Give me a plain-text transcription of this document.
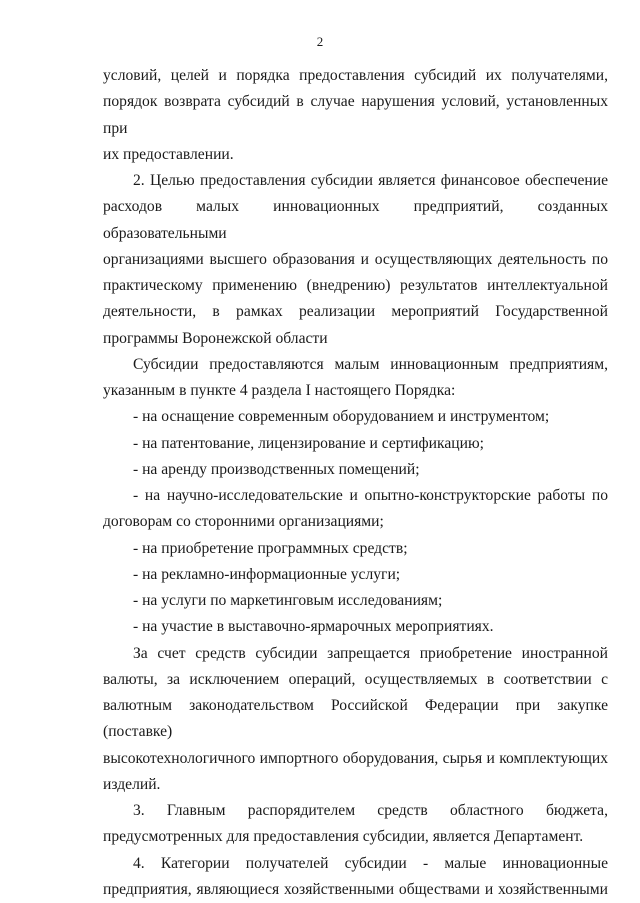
2

условий, целей и порядка предоставления субсидий их получателями,
порядок возврата субсидий в случае нарушения условий, установленных при
их предоставлении.

2. Целью предоставления субсидии является финансовое обеспечение
расходов малых инновационных предприятий, созданных образовательными
организациями высшего образования и осуществляющих деятельность по
практическому применению (внедрению) результатов интеллектуальной
деятельности, в рамках реализации мероприятий Государственной
программы Воронежской области

Субсидии предоставляются малым инновационным предприятиям,
указанным в пункте 4 раздела I настоящего Порядка:

- на оснащение современным оборудованием и инструментом;

- на патентование, лицензирование и сертификацию;

- на аренду производственных помещений;

- на научно-исследовательские и опытно-конструкторские работы по
договорам со сторонними организациями;

- на приобретение программных средств;

- на рекламно-информационные услуги;

- на услуги по маркетинговым исследованиям;

- на участие в выставочно-ярмарочных мероприятиях.

За счет средств субсидии запрещается приобретение иностранной
валюты, за исключением операций, осуществляемых в соответствии с
валютным законодательством Российской Федерации при закупке (поставке)
высокотехнологичного импортного оборудования, сырья и комплектующих
изделий.

3. Главным распорядителем средств областного бюджета,
предусмотренных для предоставления субсидии, является Департамент.

4. Категории получателей субсидии - малые инновационные
предприятия, являющиеся хозяйственными обществами и хозяйственными
